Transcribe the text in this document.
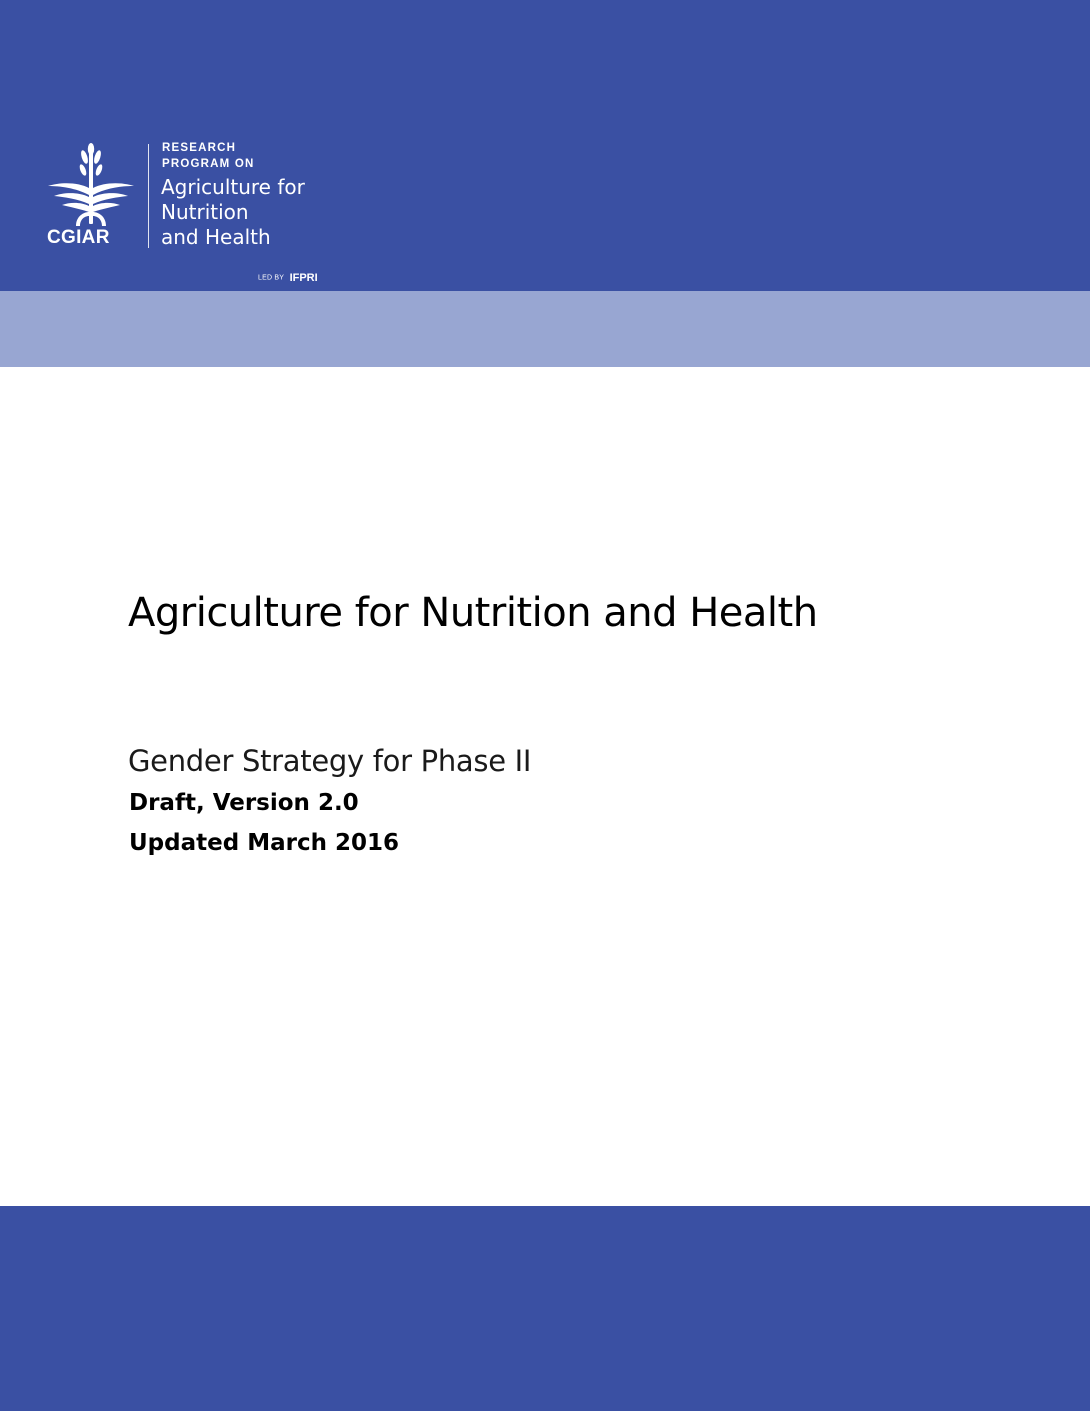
CGIAR
RESEARCH
PROGRAM ON
Agriculture for
Nutrition
and Health
LED BY IFPRI
Agriculture for Nutrition and Health
Gender Strategy for Phase II
Draft, Version 2.0
Updated March 2016
